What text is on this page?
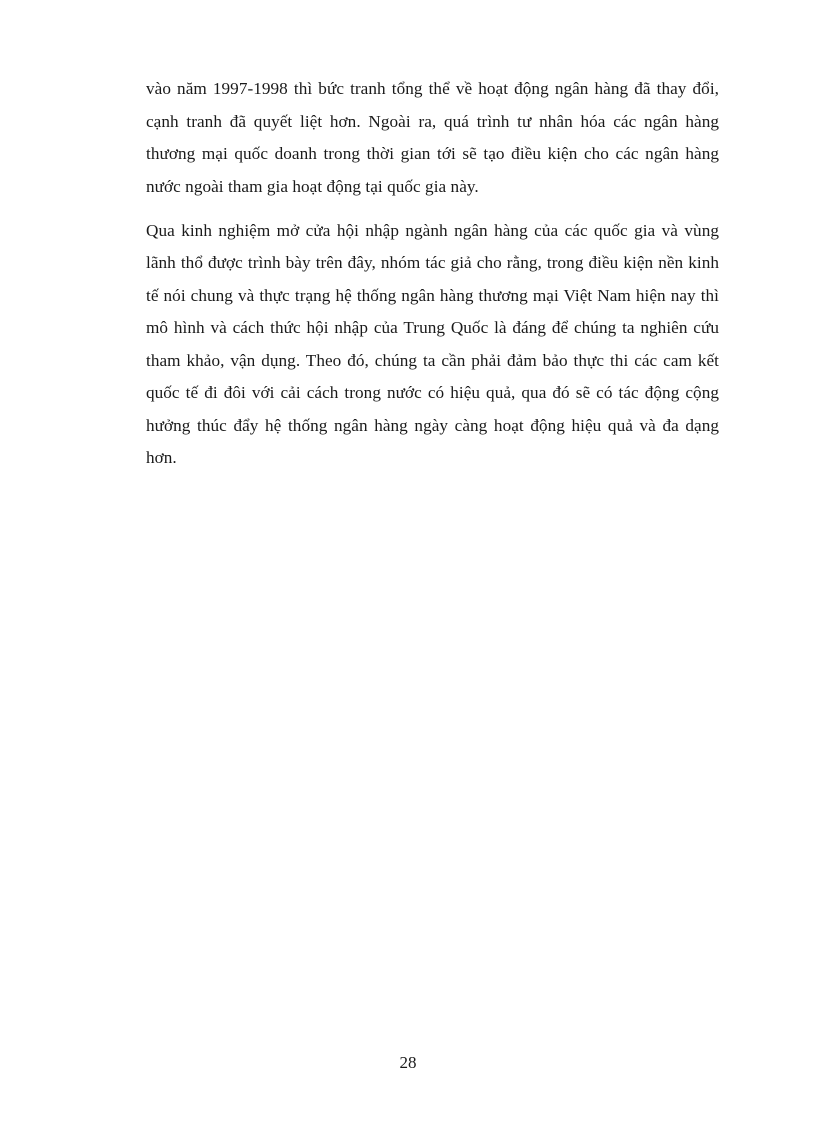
vào năm 1997-1998 thì bức tranh tổng thể về hoạt động ngân hàng đã thay đổi,
cạnh tranh đã quyết liệt hơn. Ngoài ra, quá trình tư nhân hóa các ngân hàng
thương mại quốc doanh trong thời gian tới sẽ tạo điều kiện cho các ngân hàng
nước ngoài tham gia hoạt động tại quốc gia này.
Qua kinh nghiệm mở cửa hội nhập ngành ngân hàng của các quốc gia và vùng
lãnh thổ được trình bày trên đây, nhóm tác giả cho rằng, trong điều kiện nền kinh
tế nói chung và thực trạng hệ thống ngân hàng thương mại Việt Nam hiện nay thì
mô hình và cách thức hội nhập của Trung Quốc là đáng để chúng ta nghiên cứu
tham khảo, vận dụng. Theo đó, chúng ta cần phải đảm bảo thực thi các cam kết
quốc tế đi đôi với cải cách trong nước có hiệu quả, qua đó sẽ có tác động cộng
hưởng thúc đẩy hệ thống ngân hàng ngày càng hoạt động hiệu quả và đa dạng
hơn.
28
